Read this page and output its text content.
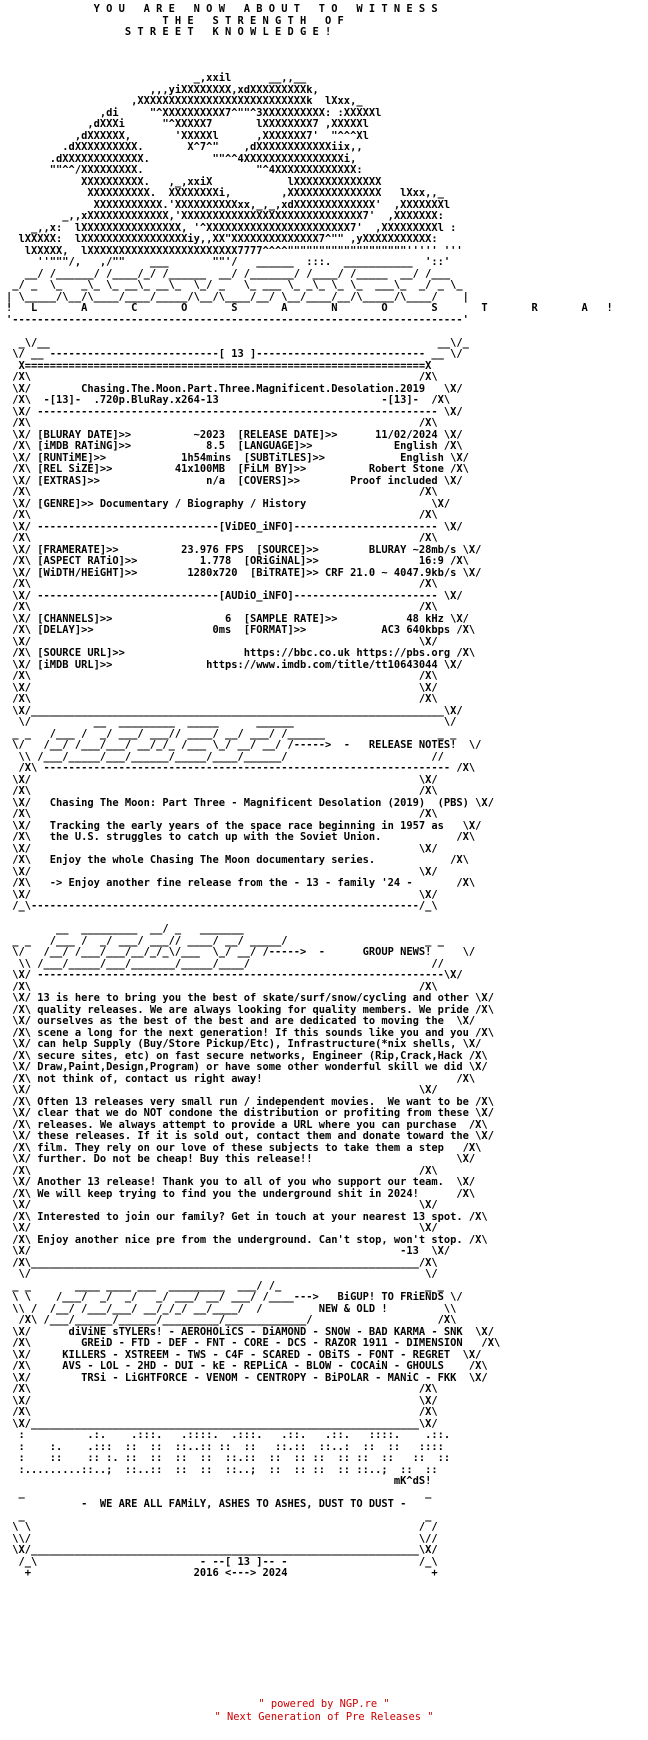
Y O U   A R E   N O W   A B O U T   T O   W I T N E S S
T H E   S T R E N G T H   O F
S T R E E T   K N O W L E D G E !

_,xxil      __,,__
,,,yiXXXXXXXX,xdXXXXXXXXXk,
,XXXXXXXXXXXXXXXXXXXXXXXXXXXk  lXxx,_
,di     "^XXXXXXXXXX7^""^3XXXXXXXXXX: :XXXXXl
,dXXXi      "^XXXXX7       lXXXXXXXX7 ,XXXXXl
,dXXXXXX,       'XXXXXl      ,XXXXXXX7'  "^^^Xl
.dXXXXXXXXXX.       X^7^"    ,dXXXXXXXXXXXXiix,,
.dXXXXXXXXXXXXX.          ""^^4XXXXXXXXXXXXXXXXi,
""^^/XXXXXXXXX.                  "^4XXXXXXXXXXXXX:
XXXXXXXXXX.   ,_,xxiX            lXXXXXXXXXXXXXX
XXXXXXXXXX.  XXXXXXXXi,        ,XXXXXXXXXXXXXXX   lXxx,,_
XXXXXXXXXXX.'XXXXXXXXXXxx,_,_,xdXXXXXXXXXXXXX'  ,XXXXXXXl
_,,xXXXXXXXXXXXXX,'XXXXXXXXXXXXXXXXXXXXXXXXXXXXX7'  ,XXXXXXX:
_,,x:  lXXXXXXXXXXXXXXXX, '^XXXXXXXXXXXXXXXXXXXXXXX7'  ,XXXXXXXXXl :
lXXXXX:  lXXXXXXXXXXXXXXXXXiy,,XX"XXXXXXXXXXXXXX7^"" ,yXXXXXXXXXXX:
lXXXXX,  lXXXXXXXXXXXXXXXXXXXXXXXX7777^^^^"""""""""""""""""""''''' '''
''"""/,   ,/""    ___       ""'/   ______  :::.  ___________  '::'
__/ /______/ /____/_/ /______  __/ /_______/ /____/ /_____  __/ /___
_/ _  \_   _\_ \_ __\_ __\_  \_/ _   \_ ___ \_ _\_ \_ \_  ___\_  _/ _ \_
| \_____/\__/\____/____/_____/\__/\____/__/ \__/____/__/\_____/\____/    |
!   L       A       C       O       S       A       N       O       S       T       R       A   !
'------------------------------------------------------------------------'

_\/__                                                              __\/_
\/ __ ---------------------------[ 13 ]--------------------------- __ \/
X================================================================X
/X\                                                              /X\
\X/        Chasing.The.Moon.Part.Three.Magnificent.Desolation.2019   \X/
/X\  -[13]-  .720p.BluRay.x264-13                          -[13]-  /X\
\X/ ---------------------------------------------------------------- \X/
/X\                                                              /X\
\X/ [BLURAY DATE]>>          ~2023  [RELEASE DATE]>>      11/02/2024 \X/
/X\ [iMDB RATiNG]>>            8.5  [LANGUAGE]>>             English /X\
\X/ [RUNTiME]>>            1h54mins  [SUBTiTLES]>>            English \X/
/X\ [REL SiZE]>>          41x100MB  [FiLM BY]>>          Robert Stone /X\
\X/ [EXTRAS]>>                 n/a  [COVERS]>>        Proof included \X/
/X\                                                              /X\
\X/ [GENRE]>> Documentary / Biography / History                    \X/
/X\                                                              /X\
\X/ -----------------------------[ViDEO_iNFO]----------------------- \X/
/X\                                                              /X\
\X/ [FRAMERATE]>>          23.976 FPS  [SOURCE]>>        BLURAY ~28mb/s \X/
/X\ [ASPECT RATiO]>>          1.778  [ORiGiNAL]>>                16:9 /X\
\X/ [WiDTH/HEiGHT]>>        1280x720  [BiTRATE]>> CRF 21.0 ~ 4047.9kb/s \X/
/X\                                                              /X\
\X/ -----------------------------[AUDiO_iNFO]----------------------- \X/
/X\                                                              /X\
\X/ [CHANNELS]>>                  6  [SAMPLE RATE]>>           48 kHz \X/
/X\ [DELAY]>>                   0ms  [FORMAT]>>            AC3 640kbps /X\
\X/                                                              \X/
/X\ [SOURCE URL]>>                   https://bbc.co.uk https://pbs.org /X\
\X/ [iMDB URL]>>               https://www.imdb.com/title/tt10643044 \X/
/X\                                                              /X\
\X/                                                              \X/
/X\                                                              /X\
\X/__________________________________________________________________\X/
\/          __  _________  _____      ______                        \/
_ _   /___ /  _/ ___/ ___// ____/ __/ ___/ /______                  _ _
\/   /__/ /___/___/ __/_/_ /___ \_/ __/ __/ /----->  -   RELEASE NOTES!  \/
\\ /___/_____/___/______/_____/____/______/                       //
/X\ ----------------------------------------------------------------- /X\
\X/                                                              \X/
/X\                                                              /X\
\X/   Chasing The Moon: Part Three - Magnificent Desolation (2019)  (PBS) \X/
/X\                                                              /X\
\X/   Tracking the early years of the space race beginning in 1957 as   \X/
/X\   the U.S. struggles to catch up with the Soviet Union.            /X\
\X/                                                              \X/
/X\   Enjoy the whole Chasing The Moon documentary series.            /X\
\X/                                                              \X/
/X\   -> Enjoy another fine release from the - 13 - family '24 -       /X\
\X/                                                              \X/
/_\--------------------------------------------------------------/_\

__  _________  __/ _   _______
_ _   /___ /  _/ ___/ ___// ____/ __/ _____/                      _ _
\/   /__/ /___/___/__/_/_\/___  \_/ __/ /----->  -      GROUP NEWS!     \/
\\ /___/_____/___/_______/_____/____/                             //
\X/ -----------------------------------------------------------------\X/
/X\                                                              /X\
\X/ 13 is here to bring you the best of skate/surf/snow/cycling and other \X/
/X\ quality releases. We are always looking for quality members. We pride /X\
\X/ ourselves as the best of the best and are dedicated to moving the  \X/
/X\ scene a long for the next generation! If this sounds like you and you /X\
\X/ can help Supply (Buy/Store Pickup/Etc), Infrastructure(*nix shells, \X/
/X\ secure sites, etc) on fast secure networks, Engineer (Rip,Crack,Hack /X\
\X/ Draw,Paint,Design,Program) or have some other wonderful skill we did \X/
/X\ not think of, contact us right away!                               /X\
\X/                                                              \X/
/X\ Often 13 releases very small run / independent movies.  We want to be /X\
\X/ clear that we do NOT condone the distribution or profiting from these \X/
/X\ releases. We always attempt to provide a URL where you can purchase  /X\
\X/ these releases. If it is sold out, contact them and donate toward the \X/
/X\ film. They rely on our love of these subjects to take them a step   /X\
\X/ further. Do not be cheap! Buy this release!!                       \X/
/X\                                                              /X\
\X/ Another 13 release! Thank you to all of you who support our team.  \X/
/X\ We will keep trying to find you the underground shit in 2024!      /X\
\X/                                                              \X/
/X\ Interested to join our family? Get in touch at your nearest 13 spot. /X\
\X/                                                              \X/
/X\ Enjoy another nice pre from the underground. Can't stop, won't stop. /X\
\X/                                                           -13  \X/
/X\______________________________________________________________/X\
\/                                                               \/
_ _       ____ ____ ___  _________  ___/ /_                       _ _
\ \    /___/  _/  _/   _/ ___/ __/ ___/ /____--->   BiGUP! TO FRiENDS \/
\\ /  /__/ /___/___/ __/_/_/ __/____/  /         NEW & OLD !         \\
/X\ /___/______/______/_________/_____________/                    /X\
\X/      diViNE sTYLERs! - AEROHOLiCS - DiAMOND - SNOW - BAD KARMA - SNK  \X/
/X\        GREiD - FTD - DEF - FNT - CORE - DCS - RAZOR 1911 - DIMENSION   /X\
\X/     KILLERS - XSTREEM - TWS - C4F - SCARED - OBiTS - FONT - REGRET  \X/
/X\     AVS - LOL - 2HD - DUI - kE - REPLiCA - BLOW - COCAiN - GHOULS    /X\
\X/        TRSi - LiGHTFORCE - VENOM - CENTROPY - BiPOLAR - MANiC - FKK  \X/
/X\                                                              /X\
\X/                                                              \X/
/X\                                                              /X\
\X/______________________________________________________________\X/
:          .:.    .:::.   .::::.  .:::.   .::.   .::.   ::::.    .::.
:    :.    .:::  ::  ::  ::..:: ::  ::   ::.::  ::..:  ::  ::   ::::
:    ::    :: :. ::  ::  ::  ::  ::.::  ::  :: ::  :: ::  ::   ::  ::
:.........::..;  ::..::  ::  ::  ::..;  ::  :: ::  :: ::..;  ::  ::
mK^dS!
_                                                                _
-  WE ARE ALL FAMiLY, ASHES TO ASHES, DUST TO DUST -
_                                                                _
\ \                                                              / /
\\/                                                              \//
\X/______________________________________________________________\X/
/_\                          - --[ 13 ]-- -                     /_\
+                          2016 <---> 2024                       +

" powered by NGP.re "
" Next Generation of Pre Releases "
